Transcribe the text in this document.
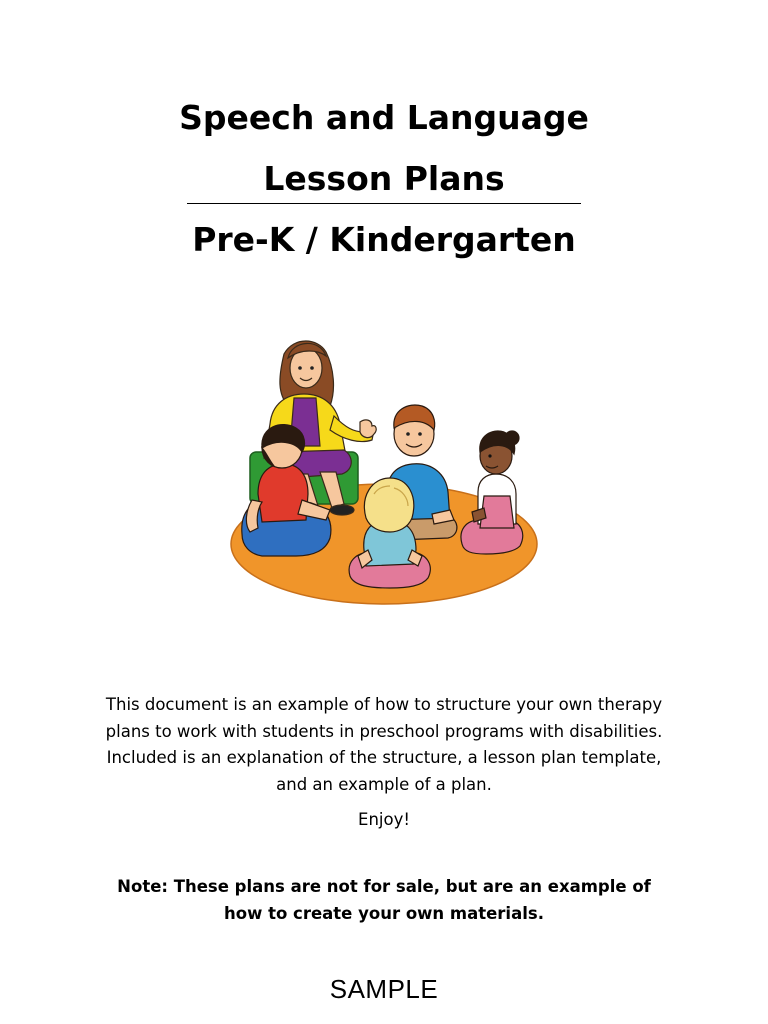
Speech and Language
Lesson Plans
Pre-K / Kindergarten

This document is an example of how to structure your own therapy plans to work with students in preschool programs with disabilities. Included is an explanation of the structure, a lesson plan template, and an example of a plan.

Enjoy!

Note: These plans are not for sale, but are an example of how to create your own materials.

SAMPLE
